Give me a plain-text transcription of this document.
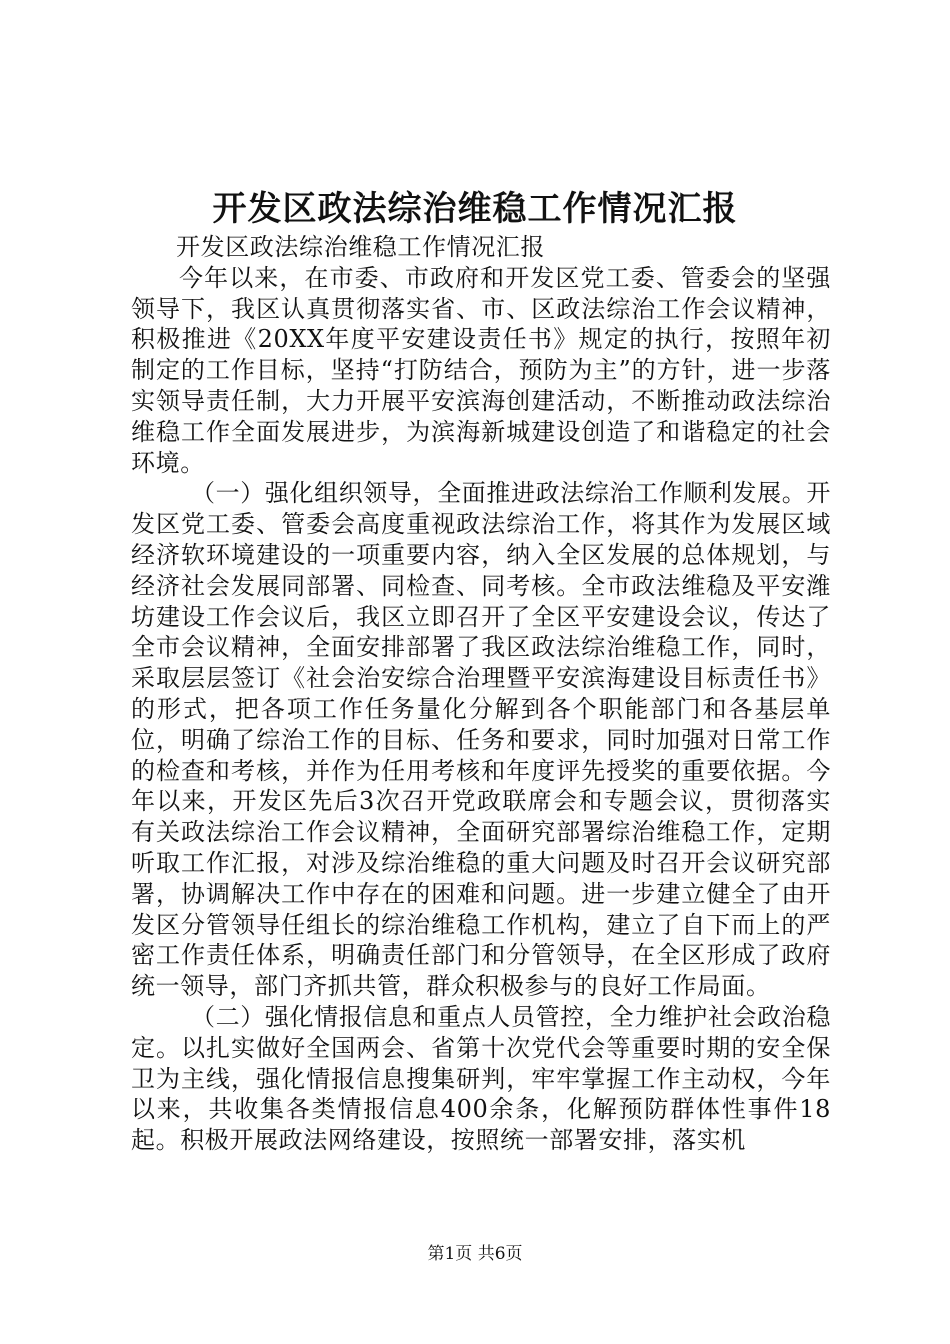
开发区政法综治维稳工作情况汇报

开发区政法综治维稳工作情况汇报

今年以来，在市委、市政府和开发区党工委、管委会的坚强领导下，我区认真贯彻落实省、市、区政法综治工作会议精神，积极推进《20XX年度平安建设责任书》规定的执行，按照年初制定的工作目标，坚持“打防结合，预防为主”的方针，进一步落实领导责任制，大力开展平安滨海创建活动，不断推动政法综治维稳工作全面发展进步，为滨海新城建设创造了和谐稳定的社会环境。

（一）强化组织领导，全面推进政法综治工作顺利发展。开发区党工委、管委会高度重视政法综治工作，将其作为发展区域经济软环境建设的一项重要内容，纳入全区发展的总体规划，与经济社会发展同部署、同检查、同考核。全市政法维稳及平安潍坊建设工作会议后，我区立即召开了全区平安建设会议，传达了全市会议精神，全面安排部署了我区政法综治维稳工作，同时，采取层层签订《社会治安综合治理暨平安滨海建设目标责任书》的形式，把各项工作任务量化分解到各个职能部门和各基层单位，明确了综治工作的目标、任务和要求，同时加强对日常工作的检查和考核，并作为任用考核和年度评先授奖的重要依据。今年以来，开发区先后3次召开党政联席会和专题会议，贯彻落实有关政法综治工作会议精神，全面研究部署综治维稳工作，定期听取工作汇报，对涉及综治维稳的重大问题及时召开会议研究部署，协调解决工作中存在的困难和问题。进一步建立健全了由开发区分管领导任组长的综治维稳工作机构，建立了自下而上的严密工作责任体系，明确责任部门和分管领导，在全区形成了政府统一领导，部门齐抓共管，群众积极参与的良好工作局面。

（二）强化情报信息和重点人员管控，全力维护社会政治稳定。以扎实做好全国两会、省第十次党代会等重要时期的安全保卫为主线，强化情报信息搜集研判，牢牢掌握工作主动权，今年以来，共收集各类情报信息400余条，化解预防群体性事件18起。积极开展政法网络建设，按照统一部署安排，落实机

第1页 共6页
